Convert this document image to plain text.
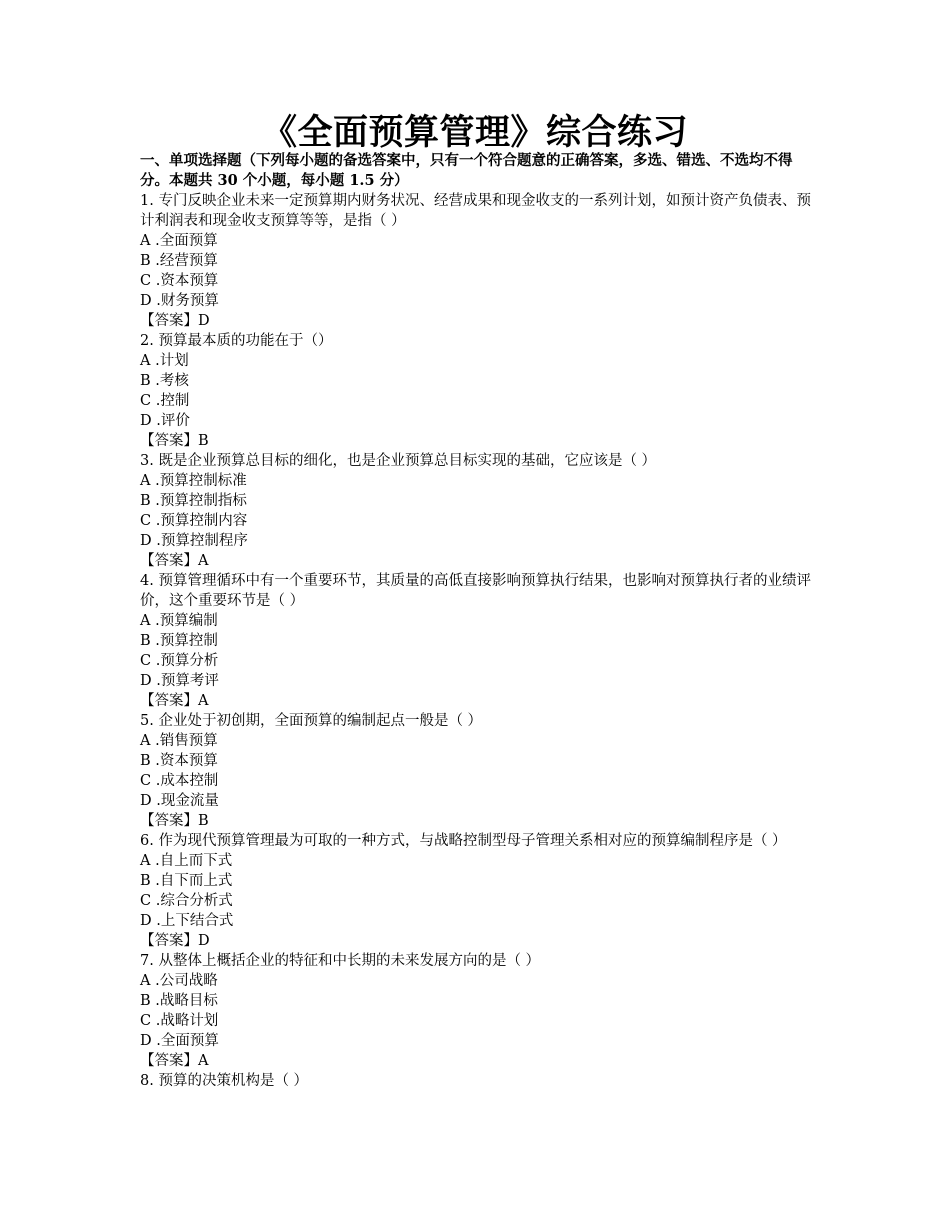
《全面预算管理》综合练习
一、单项选择题（下列每小题的备选答案中，只有一个符合题意的正确答案，多选、错选、不选均不得分。本题共 30 个小题，每小题 1.5 分）
1. 专门反映企业未来一定预算期内财务状况、经营成果和现金收支的一系列计划，如预计资产负债表、预计利润表和现金收支预算等等，是指（ ）
A .全面预算
B .经营预算
C .资本预算
D .财务预算
【答案】D
2. 预算最本质的功能在于（）
A .计划
B .考核
C .控制
D .评价
【答案】B
3. 既是企业预算总目标的细化，也是企业预算总目标实现的基础，它应该是（ ）
A .预算控制标准
B .预算控制指标
C .预算控制内容
D .预算控制程序
【答案】A
4. 预算管理循环中有一个重要环节，其质量的高低直接影响预算执行结果，也影响对预算执行者的业绩评价，这个重要环节是（ ）
A .预算编制
B .预算控制
C .预算分析
D .预算考评
【答案】A
5. 企业处于初创期，全面预算的编制起点一般是（ ）
A .销售预算
B .资本预算
C .成本控制
D .现金流量
【答案】B
6. 作为现代预算管理最为可取的一种方式，与战略控制型母子管理关系相对应的预算编制程序是（ ）
A .自上而下式
B .自下而上式
C .综合分析式
D .上下结合式
【答案】D
7. 从整体上概括企业的特征和中长期的未来发展方向的是（ ）
A .公司战略
B .战略目标
C .战略计划
D .全面预算
【答案】A
8. 预算的决策机构是（ ）
